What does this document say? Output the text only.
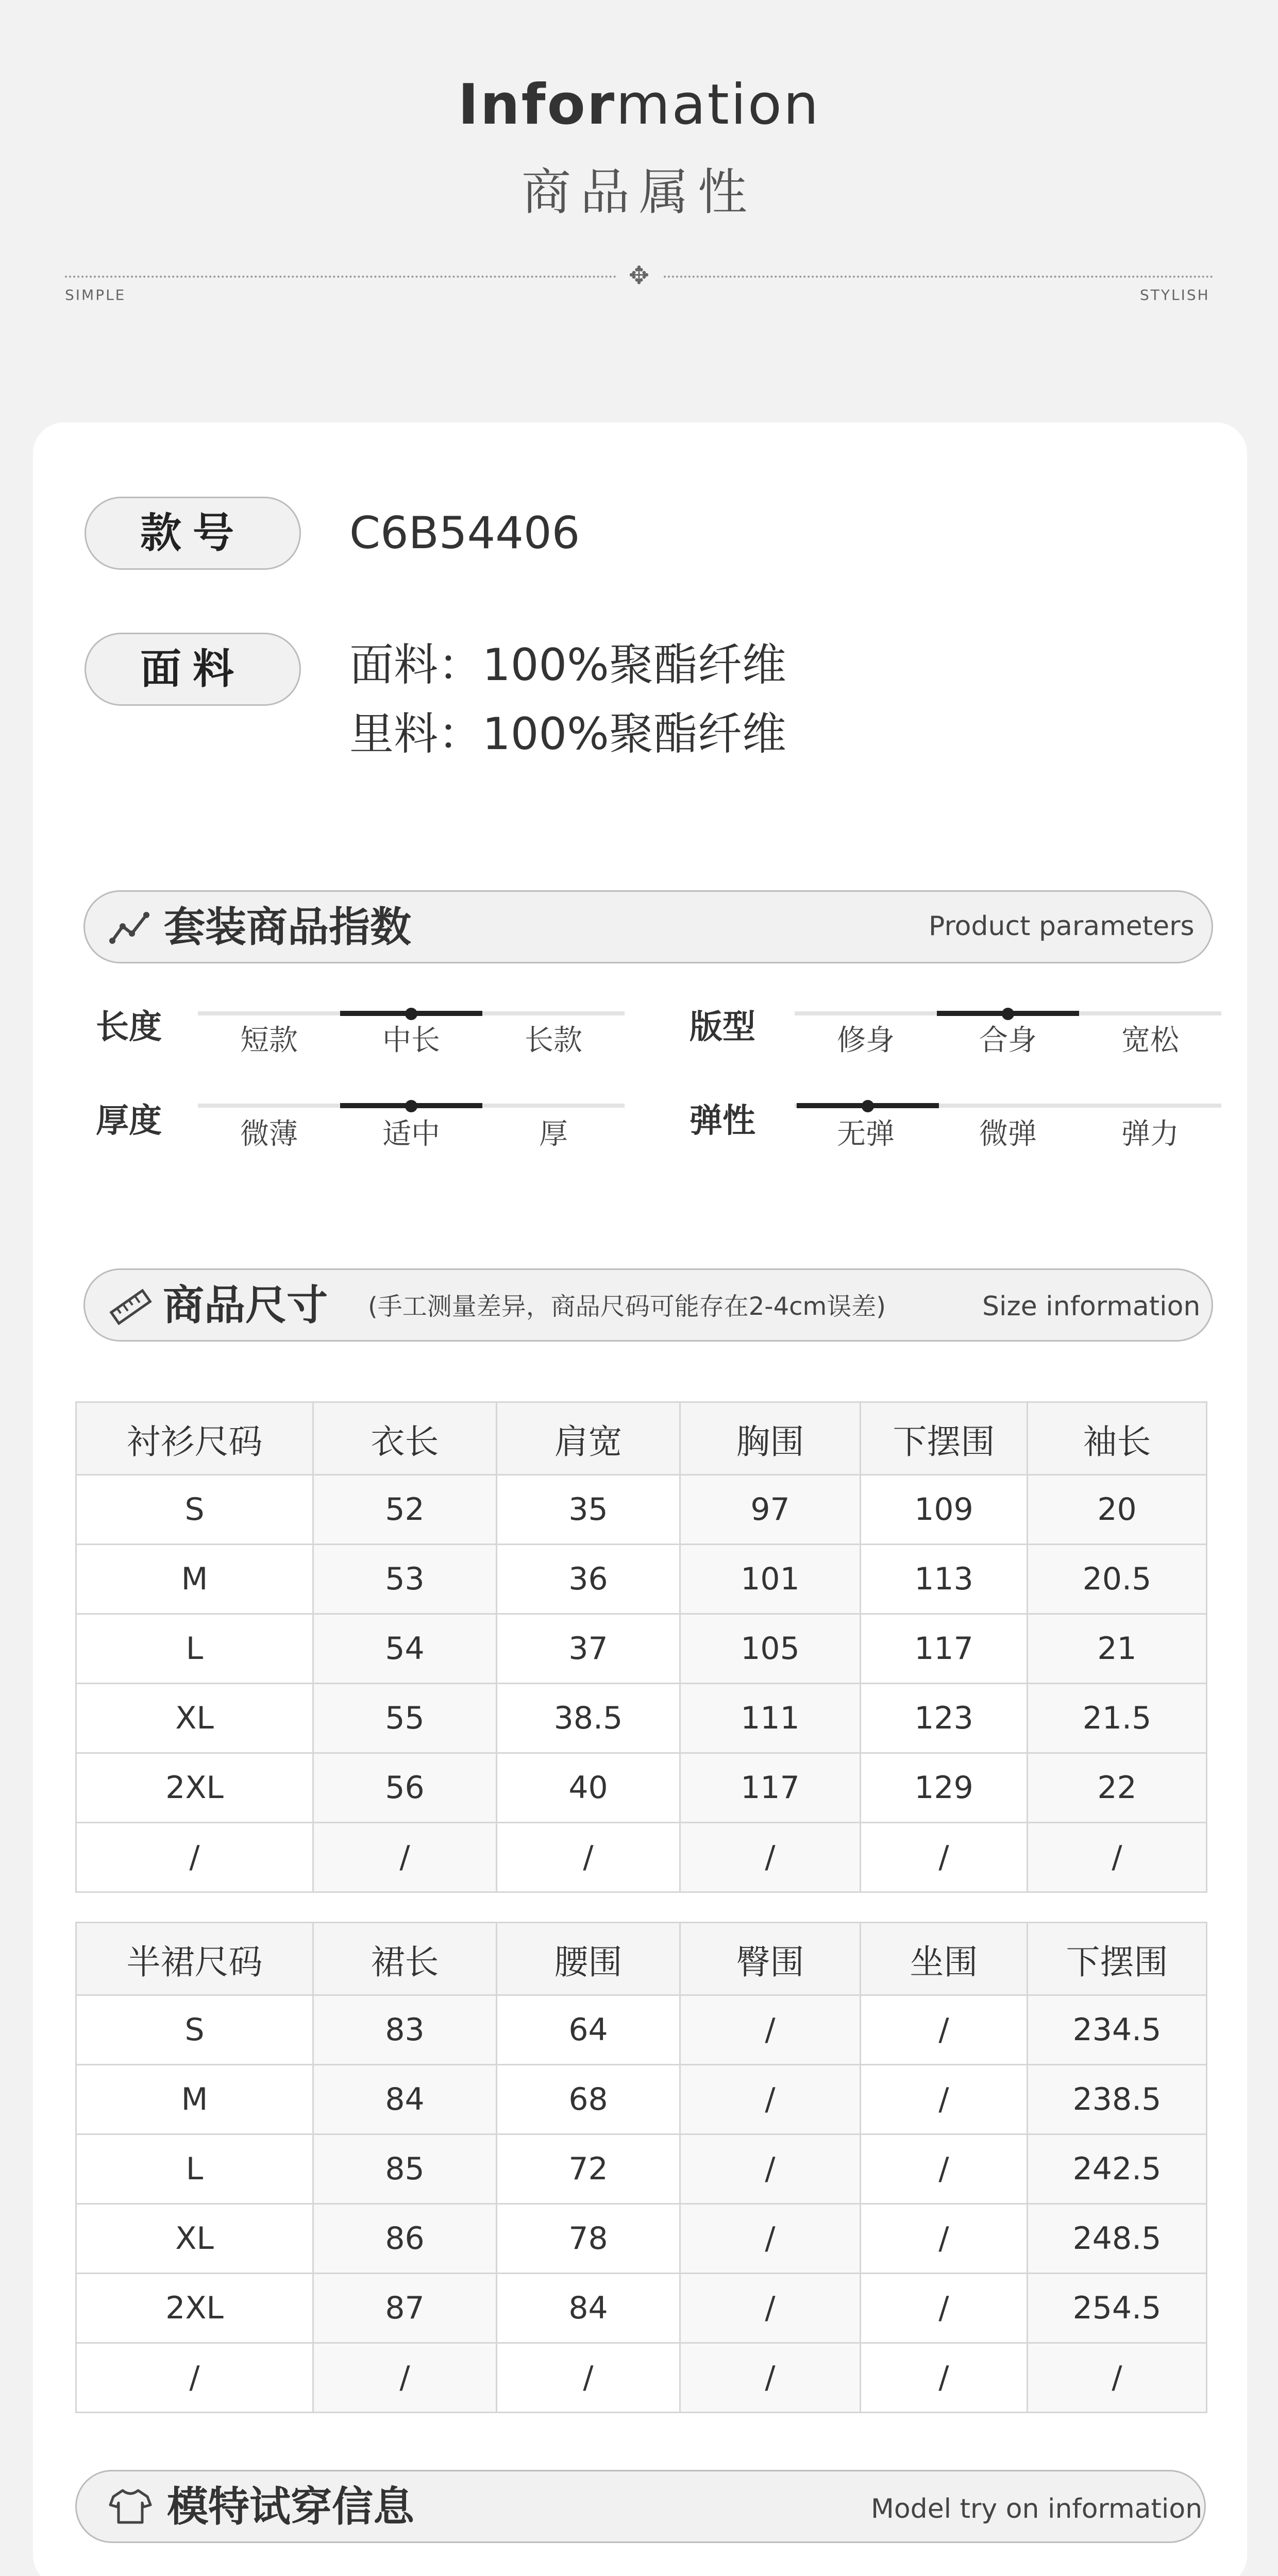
Information
商品属性
✥
SIMPLE	STYLISH
款号	C6B54406
面料	面料：100%聚酯纤维
里料：100%聚酯纤维
套装商品指数	Product parameters
长度	短款	中长	长款	版型	修身	合身	宽松
厚度	微薄	适中	厚	弹性	无弹	微弹	弹力
商品尺寸 (手工测量差异，商品尺码可能存在2-4cm误差)	Size information
衬衫尺码	衣长	肩宽	胸围	下摆围	袖长
S	52	35	97	109	20
M	53	36	101	113	20.5
L	54	37	105	117	21
XL	55	38.5	111	123	21.5
2XL	56	40	117	129	22
/	/	/	/	/	/
半裙尺码	裙长	腰围	臀围	坐围	下摆围
S	83	64	/	/	234.5
M	84	68	/	/	238.5
L	85	72	/	/	242.5
XL	86	78	/	/	248.5
2XL	87	84	/	/	254.5
/	/	/	/	/	/
模特试穿信息	Model try on information
